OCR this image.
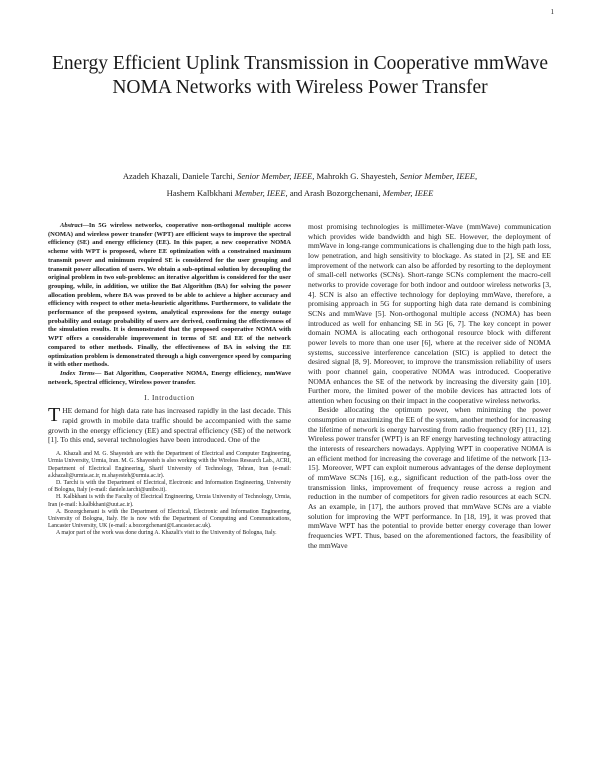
1
Energy Efficient Uplink Transmission in Cooperative mmWave NOMA Networks with Wireless Power Transfer
Azadeh Khazali, Daniele Tarchi, Senior Member, IEEE, Mahrokh G. Shayesteh, Senior Member, IEEE,
Hashem Kalbkhani Member, IEEE, and Arash Bozorgchenani, Member, IEEE

Abstract—In 5G wireless networks, cooperative non-orthogonal multiple access (NOMA) and wireless power transfer (WPT) are efficient ways to improve the spectral efficiency (SE) and energy efficiency (EE). In this paper, a new cooperative NOMA scheme with WPT is proposed, where EE optimization with a constrained maximum transmit power and minimum required SE is considered for the user grouping and transmit power allocation of users. We obtain a sub-optimal solution by decoupling the original problem in two sub-problems: an iterative algorithm is considered for the user grouping, while, in addition, we utilize the Bat Algorithm (BA) for solving the power allocation problem, where BA was proved to be able to achieve a higher accuracy and efficiency with respect to other meta-heuristic algorithms. Furthermore, to validate the performance of the proposed system, analytical expressions for the energy outage probability and outage probability of users are derived, confirming the effectiveness of the simulation results. It is demonstrated that the proposed cooperative NOMA with WPT offers a considerable improvement in terms of SE and EE of the network compared to other methods. Finally, the effectiveness of BA in solving the EE optimization problem is demonstrated through a high convergence speed by comparing it with other methods.

Index Terms— Bat Algorithm, Cooperative NOMA, Energy efficiency, mmWave network, Spectral efficiency, Wireless power transfer.

I. Introduction

THE demand for high data rate has increased rapidly in the last decade. This rapid growth in mobile data traffic should be accompanied with the same growth in the energy efficiency (EE) and spectral efficiency (SE) of the network [1]. To this end, several technologies have been introduced. One of the

A. Khazali and M. G. Shayesteh are with the Department of Electrical and Computer Engineering, Urmia University, Urmia, Iran. M. G. Shayesteh is also working with the Wireless Research Lab., ACRI, Department of Electrical Engineering, Sharif University of Technology, Tehran, Iran (e-mail: a.khazali@urmia.ac.ir, m.shayesteh@urmia.ac.ir).

D. Tarchi is with the Department of Electrical, Electronic and Information Engineering, University of Bologna, Italy (e-mail: daniele.tarchi@unibo.it).

H. Kalbkhani is with the Faculty of Electrical Engineering, Urmia University of Technology, Urmia, Iran (e-mail: h.kalbkhani@uut.ac.ir).

A. Bozorgchenani is with the Department of Electrical, Electronic and Information Engineering, University of Bologna, Italy. He is now with the Department of Computing and Communications, Lancaster University, UK (e-mail: a.bozorgchenani@Lancaster.ac.uk).

A major part of the work was done during A. Khazali's visit to the University of Bologna, Italy.

most promising technologies is millimeter-Wave (mmWave) communication which provides wide bandwidth and high SE. However, the deployment of mmWave in long-range communications is challenging due to the high path loss, low penetration, and high sensitivity to blockage. As stated in [2], SE and EE improvement of the network can also be afforded by resorting to the deployment of small-cell networks (SCNs). Short-range SCNs complement the macro-cell networks to provide coverage for both indoor and outdoor wireless networks [3, 4]. SCN is also an effective technology for deploying mmWave, therefore, a promising approach in 5G for supporting high data rate demand is combining SCNs and mmWave [5]. Non-orthogonal multiple access (NOMA) has been introduced as well for enhancing SE in 5G [6, 7]. The key concept in power domain NOMA is allocating each orthogonal resource block with different power levels to more than one user [6], where at the receiver side of NOMA systems, successive interference cancelation (SIC) is applied to detect the desired signal [8, 9]. Moreover, to improve the transmission reliability of users with poor channel gain, cooperative NOMA was introduced. Cooperative NOMA enhances the SE of the network by increasing the diversity gain [10]. Further more, the limited power of the mobile devices has attracted lots of attention when focusing on their impact in the cooperative wireless networks.

Beside allocating the optimum power, when minimizing the power consumption or maximizing the EE of the system, another method for increasing the lifetime of network is energy harvesting from radio frequency (RF) [11, 12]. Wireless power transfer (WPT) is an RF energy harvesting technology attracting the interests of researchers nowadays. Applying WPT in cooperative NOMA is an efficient method for increasing the coverage and lifetime of the network [13-15]. Moreover, WPT can exploit numerous advantages of the dense deployment of mmWave SCNs [16], e.g., significant reduction of the path-loss over the transmission links, improvement of frequency reuse across a region and reduction in the number of competitors for given radio resources at each SCN. As an example, in [17], the authors proved that mmWave SCNs are a viable solution for improving the WPT performance. In [18, 19], it was proved that mmWave WPT has the potential to provide better energy coverage than lower frequencies WPT. Thus, based on the aforementioned factors, the feasibility of the mmWave
